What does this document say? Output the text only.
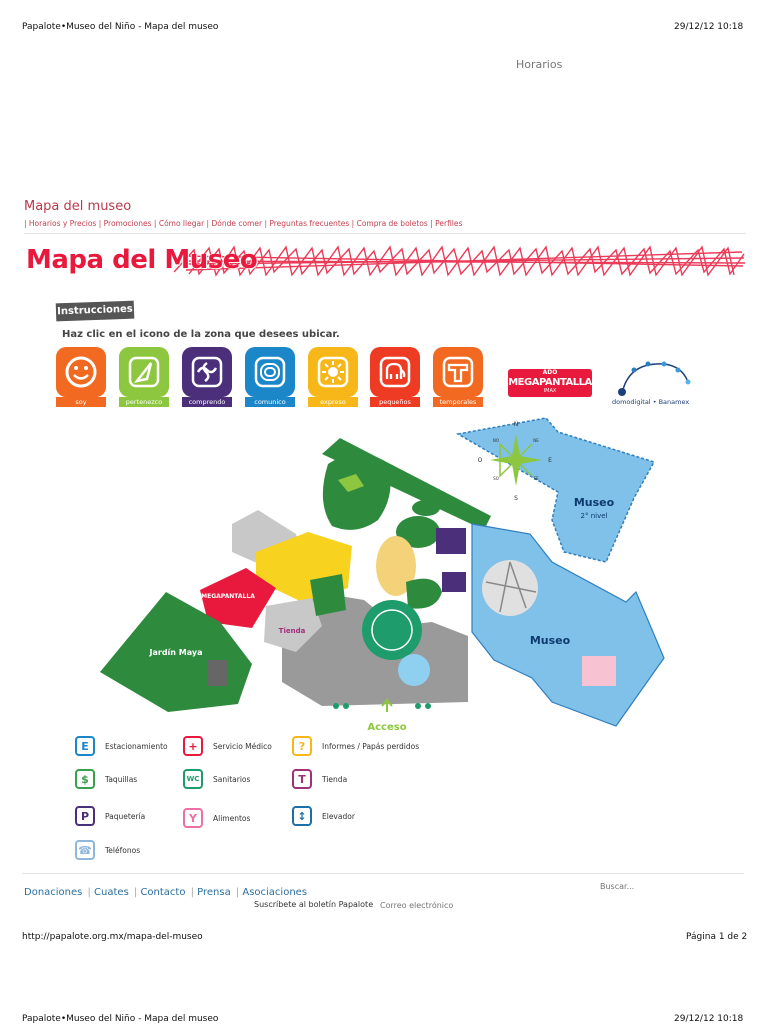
Papalote•Museo del Niño - Mapa del museo	29/12/12 10:18
Horarios
Mapa del museo
| Horarios y Precios | Promociones | Cómo llegar | Dónde comer | Preguntas frecuentes | Compra de boletos | Perfiles
Mapa del Museo
Instrucciones
Haz clic en el icono de la zona que desees ubicar.
soy	pertenezco	comprendo	comunico	expreso	pequeños	temporales
ADO
MEGAPANTALLA
IMAX
domodigital • Banamex
Museo
2° nivel
Museo
MEGAPANTALLA
Jardín Maya
Tienda
N
S
E
O
NE
NO
SE
SO
Acceso
E	Estacionamiento	+	Servicio Médico	?	Informes / Papás perdidos
$	Taquillas	WC	Sanitarios	T	Tienda
P	Paquetería	Y	Alimentos	↕	Elevador
☎	Teléfonos
Donaciones | Cuates | Contacto | Prensa | Asociaciones
Buscar...
Suscríbete al boletín Papalote
Correo electrónico
http://papalote.org.mx/mapa-del-museo	Página 1 de 2
Papalote•Museo del Niño - Mapa del museo	29/12/12 10:18
